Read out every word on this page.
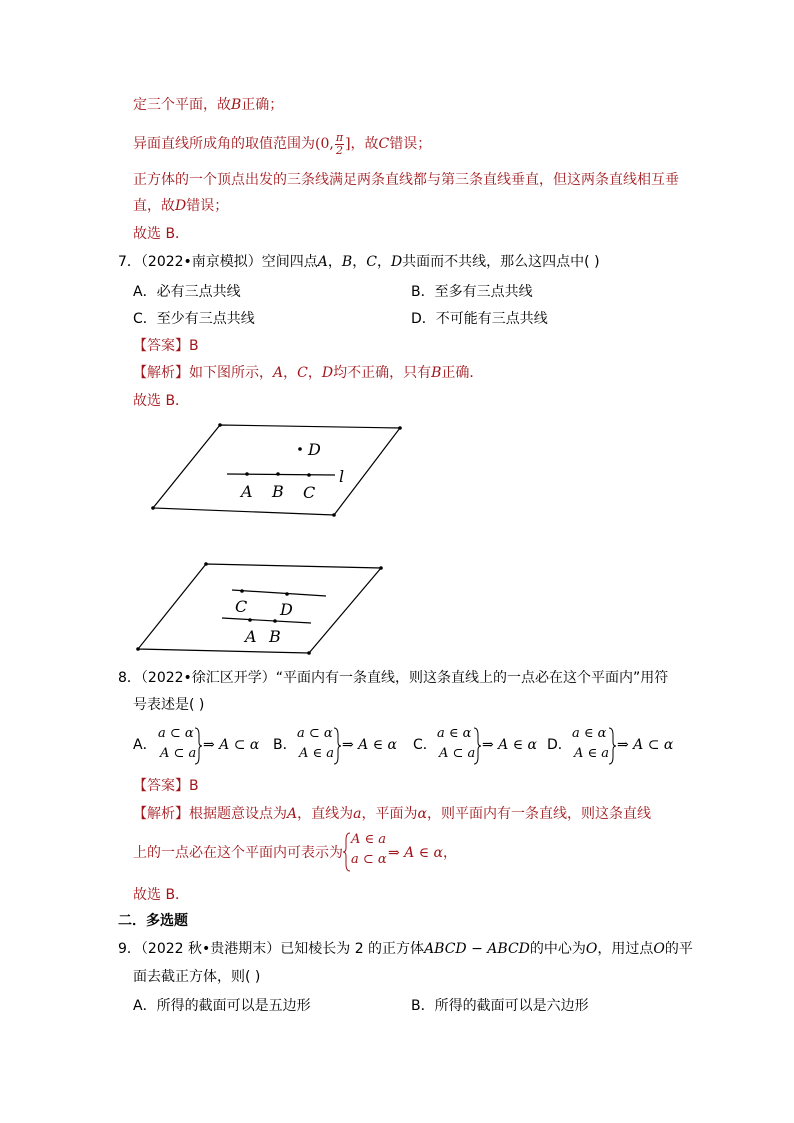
定三个平面，故B正确；
异面直线所成角的取值范围为(0, $\frac{\pi}{2}$ ]，故C错误；
正方体的一个顶点出发的三条线满足两条直线都与第三条直线垂直，但这两条直线相互垂
直，故D错误；
故选 B．
7．（2022•南京模拟）空间四点A，B，C，D共面而不共线，那么这四点中( )
A．必有三点共线	B．至多有三点共线
C．至少有三点共线	D．不可能有三点共线
【答案】B
【解析】如下图所示，A，C，D均不正确，只有B正确．
故选 B．
D
l
A B C
C D
A B
8．（2022•徐汇区开学）“平面内有一条直线，则这条直线上的一点必在这个平面内”用符
号表述是( )
A．
a ⊂ α
A ⊂ a
⇒ A ⊂ α B．
a ⊂ α
A ∈ a
⇒ A ∈ α C．
a ∈ α
A ⊂ a
⇒ A ∈ α D．
a ∈ α
A ∈ a
⇒ A ⊂ α
【答案】B
【解析】根据题意设点为A，直线为a，平面为α，则平面内有一条直线，则这条直线
上的一点必在这个平面内可表示为
A ∈ a
a ⊂ α ⇒ A ∈ α，
故选 B．
二．多选题
9．（2022 秋•贵港期末）已知棱长为 2 的正方体ABCD − ABCD的中心为O，用过点O的平
面去截正方体，则( )
A．所得的截面可以是五边形	B．所得的截面可以是六边形
